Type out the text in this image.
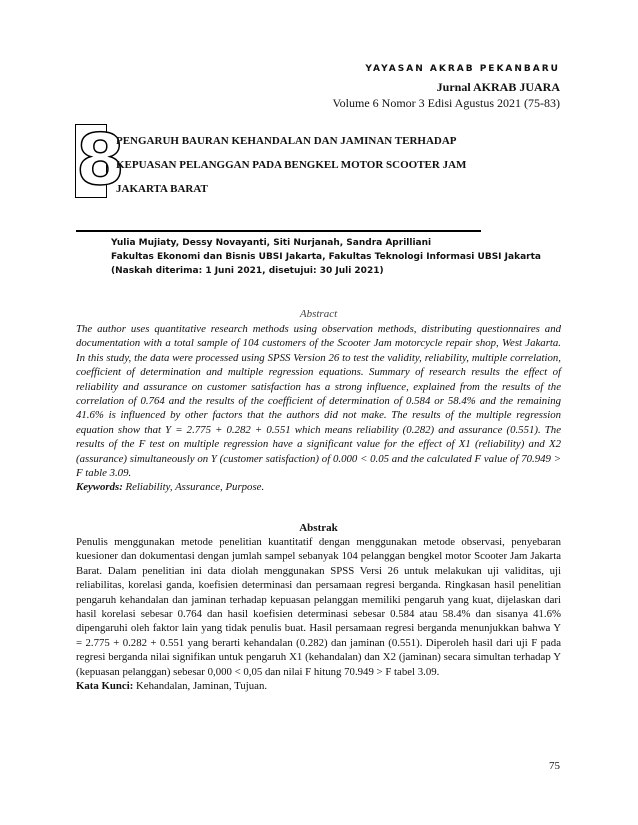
YAYASAN AKRAB PEKANBARU
Jurnal AKRAB JUARA
Volume 6 Nomor 3 Edisi Agustus 2021 (75-83)
8
PENGARUH BAURAN KEHANDALAN DAN JAMINAN TERHADAP
KEPUASAN PELANGGAN PADA BENGKEL MOTOR SCOOTER JAM
JAKARTA BARAT
Yulia Mujiaty, Dessy Novayanti, Siti Nurjanah, Sandra Aprilliani
Fakultas Ekonomi dan Bisnis UBSI Jakarta, Fakultas Teknologi Informasi UBSI Jakarta
(Naskah diterima: 1 Juni 2021, disetujui: 30 Juli 2021)
Abstract
The author uses quantitative research methods using observation methods, distributing questionnaires and documentation with a total sample of 104 customers of the Scooter Jam motorcycle repair shop, West Jakarta. In this study, the data were processed using SPSS Version 26 to test the validity, reliability, multiple correlation, coefficient of determination and multiple regression equations. Summary of research results the effect of reliability and assurance on customer satisfaction has a strong influence, explained from the results of the correlation of 0.764 and the results of the coefficient of determination of 0.584 or 58.4% and the remaining 41.6% is influenced by other factors that the authors did not make. The results of the multiple regression equation show that Y = 2.775 + 0.282 + 0.551 which means reliability (0.282) and assurance (0.551). The results of the F test on multiple regression have a significant value for the effect of X1 (reliability) and X2 (assurance) simultaneously on Y (customer satisfaction) of 0.000 < 0.05 and the calculated F value of 70.949 > F table 3.09.
Keywords: Reliability, Assurance, Purpose.
Abstrak
Penulis menggunakan metode penelitian kuantitatif dengan menggunakan metode observasi, penyebaran kuesioner dan dokumentasi dengan jumlah sampel sebanyak 104 pelanggan bengkel motor Scooter Jam Jakarta Barat. Dalam penelitian ini data diolah menggunakan SPSS Versi 26 untuk melakukan uji validitas, uji reliabilitas, korelasi ganda, koefisien determinasi dan persamaan regresi berganda. Ringkasan hasil penelitian pengaruh kehandalan dan jaminan terhadap kepuasan pelanggan memiliki pengaruh yang kuat, dijelaskan dari hasil korelasi sebesar 0.764 dan hasil koefisien determinasi sebesar 0.584 atau 58.4% dan sisanya 41.6% dipengaruhi oleh faktor lain yang tidak penulis buat. Hasil persamaan regresi berganda menunjukkan bahwa Y = 2.775 + 0.282 + 0.551 yang berarti kehandalan (0.282) dan jaminan (0.551). Diperoleh hasil dari uji F pada regresi berganda nilai signifikan untuk pengaruh X1 (kehandalan) dan X2 (jaminan) secara simultan terhadap Y (kepuasan pelanggan) sebesar 0,000 < 0,05 dan nilai F hitung 70.949 > F tabel 3.09.
Kata Kunci: Kehandalan, Jaminan, Tujuan.
75
